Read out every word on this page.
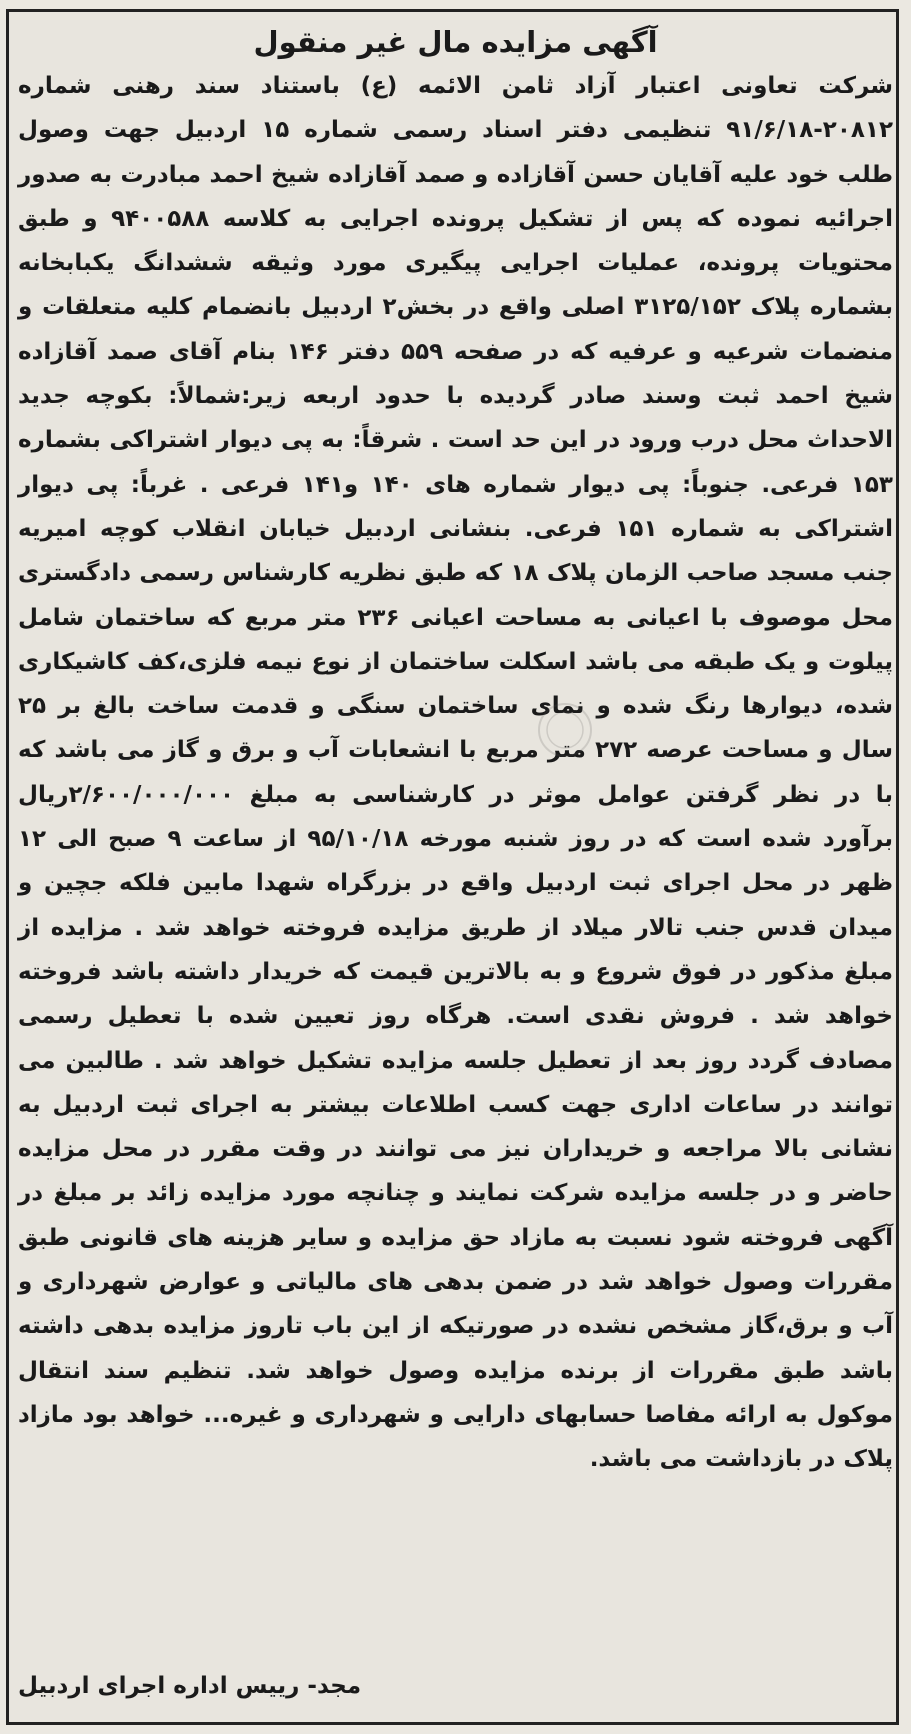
آگهی مزایده مال غیر منقول

شرکت تعاونی اعتبار آزاد ثامن الائمه (ع) باستناد سند رهنی شماره ۲۰۸۱۲-۹۱/۶/۱۸ تنظیمی دفتر اسناد رسمی شماره ۱۵ اردبیل جهت وصول طلب خود علیه آقایان حسن آقازاده و صمد آقازاده شیخ احمد مبادرت به صدور اجرائیه نموده که پس از تشکیل پرونده اجرایی به کلاسه ۹۴۰۰۵۸۸ و طبق محتویات پرونده، عملیات اجرایی پیگیری مورد وثیقه ششدانگ یکبابخانه بشماره پلاک ۳۱۲۵/۱۵۲ اصلی واقع در بخش۲ اردبیل بانضمام کلیه متعلقات و منضمات شرعیه و عرفیه که در صفحه ۵۵۹ دفتر ۱۴۶ بنام آقای صمد آقازاده شیخ احمد ثبت وسند صادر گردیده با حدود اربعه زیر:شمالاً: بکوچه جدید الاحداث محل درب ورود در این حد است . شرقاً: به پی دیوار اشتراکی بشماره ۱۵۳ فرعی. جنوباً: پی دیوار شماره های ۱۴۰ و۱۴۱ فرعی . غرباً: پی دیوار اشتراکی به شماره ۱۵۱ فرعی. بنشانی اردبیل خیابان انقلاب کوچه امیریه جنب مسجد صاحب الزمان پلاک ۱۸ که طبق نظریه کارشناس رسمی دادگستری محل موصوف با اعیانی به مساحت اعیانی ۲۳۶ متر مربع که ساختمان شامل پیلوت و یک طبقه می باشد اسکلت ساختمان از نوع نیمه فلزی،کف کاشیکاری شده، دیوارها رنگ شده و نمای ساختمان سنگی و قدمت ساخت بالغ بر ۲۵ سال و مساحت عرصه ۲۷۲ متر مربع با انشعابات آب و برق و گاز می باشد که با در نظر گرفتن عوامل موثر در کارشناسی به مبلغ ۲/۶۰۰/۰۰۰/۰۰۰ریال برآورد شده است که در روز شنبه مورخه ۹۵/۱۰/۱۸ از ساعت ۹ صبح الی ۱۲ ظهر در محل اجرای ثبت اردبیل واقع در بزرگراه شهدا مابین فلکه جچین و میدان قدس جنب تالار میلاد از طریق مزایده فروخته خواهد شد . مزایده از مبلغ مذکور در فوق شروع و به بالاترین قیمت که خریدار داشته باشد فروخته خواهد شد . فروش نقدی است. هرگاه روز تعیین شده با تعطیل رسمی مصادف گردد روز بعد از تعطیل جلسه مزایده تشکیل خواهد شد . طالبین می توانند در ساعات اداری جهت کسب اطلاعات بیشتر به اجرای ثبت اردبیل به نشانی بالا مراجعه و خریداران نیز می توانند در وقت مقرر در محل مزایده حاضر و در جلسه مزایده شرکت نمایند و چنانچه مورد مزایده زائد بر مبلغ در آگهی فروخته شود نسبت به مازاد حق مزایده و سایر هزینه های قانونی طبق مقررات وصول خواهد شد در ضمن بدهی های مالیاتی و عوارض شهرداری و آب و برق،گاز مشخص نشده در صورتیکه از این باب تاروز مزایده بدهی داشته باشد طبق مقررات از برنده مزایده وصول خواهد شد. تنظیم سند انتقال موکول به ارائه مفاصا حسابهای دارایی و شهرداری و غیره... خواهد بود مازاد پلاک در بازداشت می باشد.

مجد- رییس اداره اجرای اردبیل
